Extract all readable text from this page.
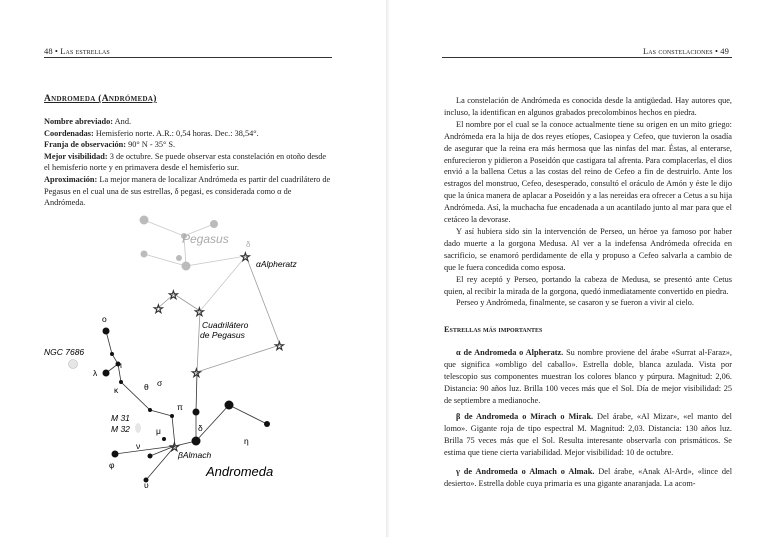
48 • Las estrellas
Andromeda (Andrómeda)
Nombre abreviado: And.
Coordenadas: Hemisferio norte. A.R.: 0,54 horas. Dec.: 38,54°.
Franja de observación: 90° N - 35° S.
Mejor visibilidad: 3 de octubre. Se puede observar esta constelación en otoño desde el hemisferio norte y en primavera desde el hemisferio sur.
Aproximación: La mejor manera de localizar Andrómeda es partir del cuadrilátero de Pegasus en el cual una de sus estrellas, δ pegasi, es considerada como α de Andrómeda.
☆
☆
☆
☆
☆
☆
☆
Pegasus δ
αAlpheratz
Cuadrilátero
de Pegasus
NGC 7686
ο
λ
ι
κ	θ σ
π
M 31
M 32	μ
ν
δ
φ
βAlmach
η
υ
Andromeda
Las constelaciones • 49

La constelación de Andrómeda es conocida desde la antigüedad. Hay autores que, incluso, la identifican en algunos grabados precolombinos hechos en piedra.

El nombre por el cual se la conoce actualmente tiene su origen en un mito griego: Andrómeda era la hija de dos reyes etíopes, Casiopea y Cefeo, que tuvieron la osadía de asegurar que la reina era más hermosa que las ninfas del mar. Éstas, al enterarse, enfurecieron y pidieron a Poseidón que castigara tal afrenta. Para complacerlas, el dios envió a la ballena Cetus a las costas del reino de Cefeo a fin de destruirlo. Ante los estragos del monstruo, Cefeo, desesperado, consultó el oráculo de Amón y éste le dijo que la única manera de aplacar a Poseidón y a las nereidas era ofrecer a Cetus a su hija Andrómeda. Así, la muchacha fue encadenada a un acantilado junto al mar para que el cetáceo la devorase.

Y así hubiera sido sin la intervención de Perseo, un héroe ya famoso por haber dado muerte a la gorgona Medusa. Al ver a la indefensa Andrómeda ofrecida en sacrificio, se enamoró perdidamente de ella y propuso a Cefeo salvarla a cambio de que le fuera concedida como esposa.

El rey aceptó y Perseo, portando la cabeza de Medusa, se presentó ante Cetus quien, al recibir la mirada de la gorgona, quedó inmediatamente convertido en piedra.

Perseo y Andrómeda, finalmente, se casaron y se fueron a vivir al cielo.

Estrellas más importantes

α de Andromeda o Alpheratz. Su nombre proviene del árabe «Surrat al-Faraz», que significa «ombligo del caballo». Estrella doble, blanca azulada. Vista por telescopio sus componentes muestran los colores blanco y púrpura. Magnitud: 2,06. Distancia: 90 años luz. Brilla 100 veces más que el Sol. Día de mejor visibilidad: 25 de septiembre a medianoche.

β de Andromeda o Mirach o Mirak. Del árabe, «Al Mizar», «el manto del lomo». Gigante roja de tipo espectral M. Magnitud: 2,03. Distancia: 130 años luz. Brilla 75 veces más que el Sol. Resulta interesante observarla con prismáticos. Se estima que tiene cierta variabilidad. Mejor visibilidad: 10 de octubre.

γ de Andromeda o Almach o Almak. Del árabe, «Anak Al-Ard», «lince del desierto». Estrella doble cuya primaria es una gigante anaranjada. La acom-
